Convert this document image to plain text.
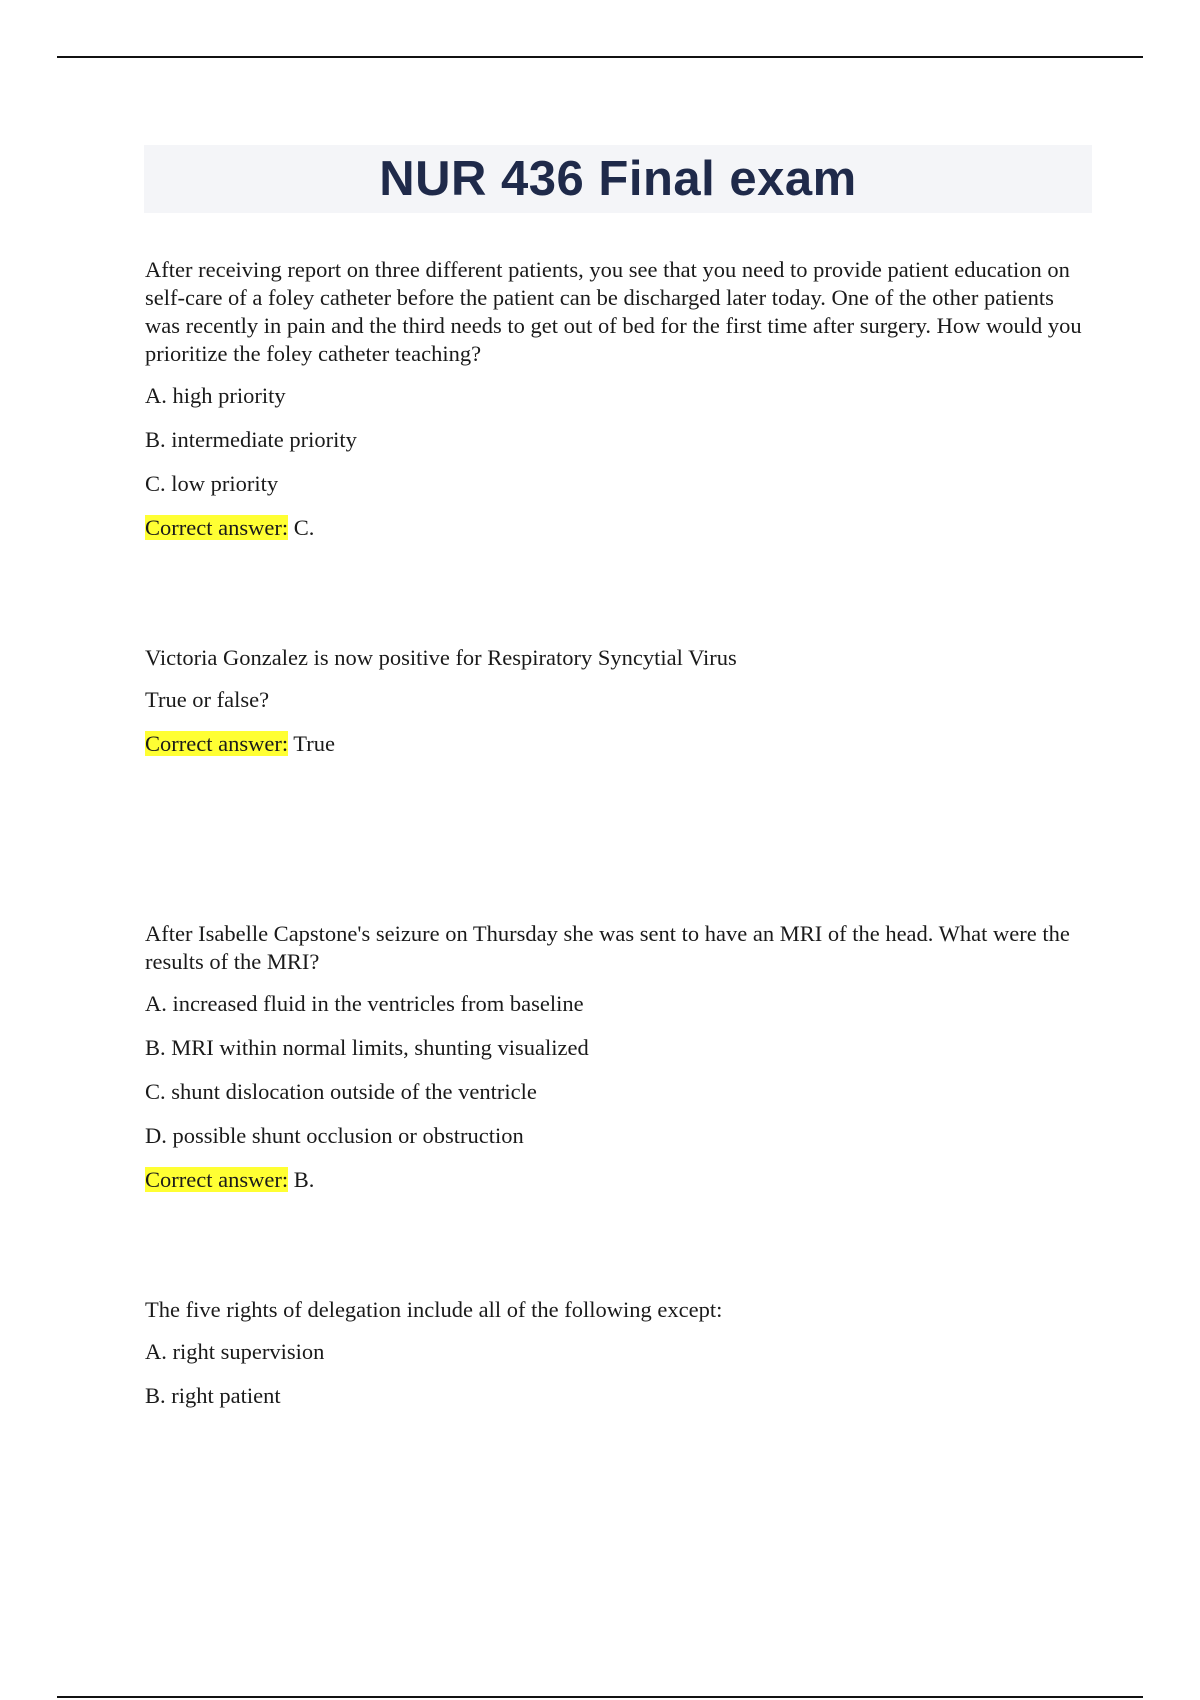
NUR 436 Final exam

After receiving report on three different patients, you see that you need to provide patient education on self-care of a foley catheter before the patient can be discharged later today. One of the other patients was recently in pain and the third needs to get out of bed for the first time after surgery. How would you prioritize the foley catheter teaching?

A. high priority

B. intermediate priority

C. low priority

Correct answer: C.

Victoria Gonzalez is now positive for Respiratory Syncytial Virus

True or false?

Correct answer: True

After Isabelle Capstone's seizure on Thursday she was sent to have an MRI of the head. What were the results of the MRI?

A. increased fluid in the ventricles from baseline

B. MRI within normal limits, shunting visualized

C. shunt dislocation outside of the ventricle

D. possible shunt occlusion or obstruction

Correct answer: B.

The five rights of delegation include all of the following except:

A. right supervision

B. right patient
